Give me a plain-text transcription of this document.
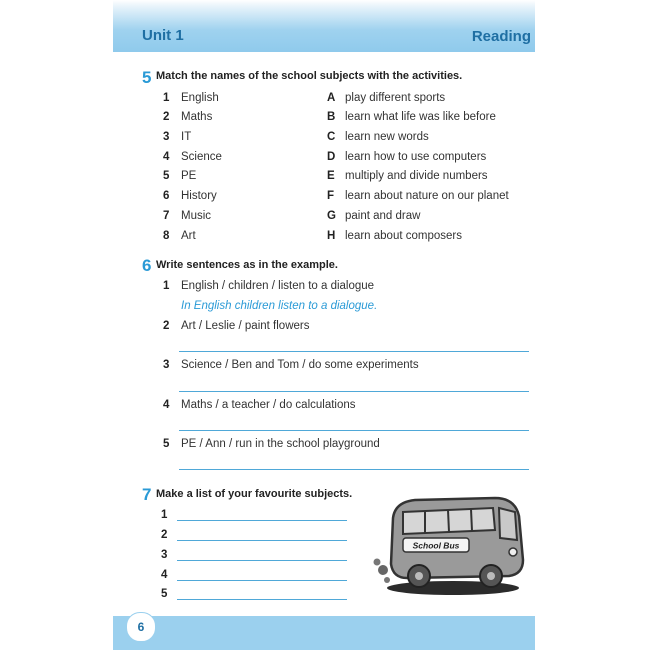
Unit 1	Reading
5 Match the names of the school subjects with the activities.
1 English
2 Maths
3 IT
4 Science
5 PE
6 History
7 Music
8 Art
A play different sports
B learn what life was like before
C learn new words
D learn how to use computers
E multiply and divide numbers
F learn about nature on our planet
G paint and draw
H learn about composers
6 Write sentences as in the example.
1 English / children / listen to a dialogue
In English children listen to a dialogue.
2 Art / Leslie / paint flowers
3 Science / Ben and Tom / do some experiments
4 Maths / a teacher / do calculations
5 PE / Ann / run in the school playground
7 Make a list of your favourite subjects.
1
2
3
4
5
School Bus
6
